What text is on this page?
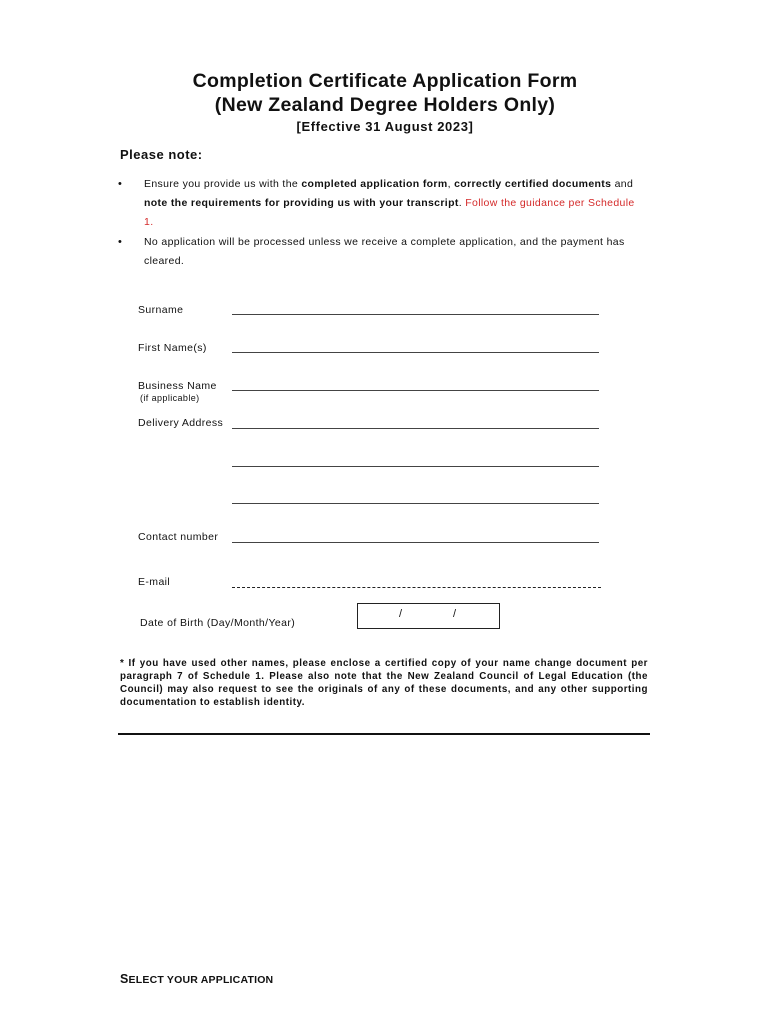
Completion Certificate Application Form
(New Zealand Degree Holders Only)
[Effective 31 August 2023]
Please note:
• Ensure you provide us with the completed application form, correctly certified documents and note the requirements for providing us with your transcript. Follow the guidance per Schedule 1.
• No application will be processed unless we receive a complete application, and the payment has cleared.
Surname
First Name(s)
Business Name
(if applicable)
Delivery Address
Contact number
E-mail
Date of Birth (Day/Month/Year)
/	/
* If you have used other names, please enclose a certified copy of your name change document per paragraph 7 of Schedule 1. Please also note that the New Zealand Council of Legal Education (the Council) may also request to see the originals of any of these documents, and any other supporting documentation to establish identity.
SELECT YOUR APPLICATION
